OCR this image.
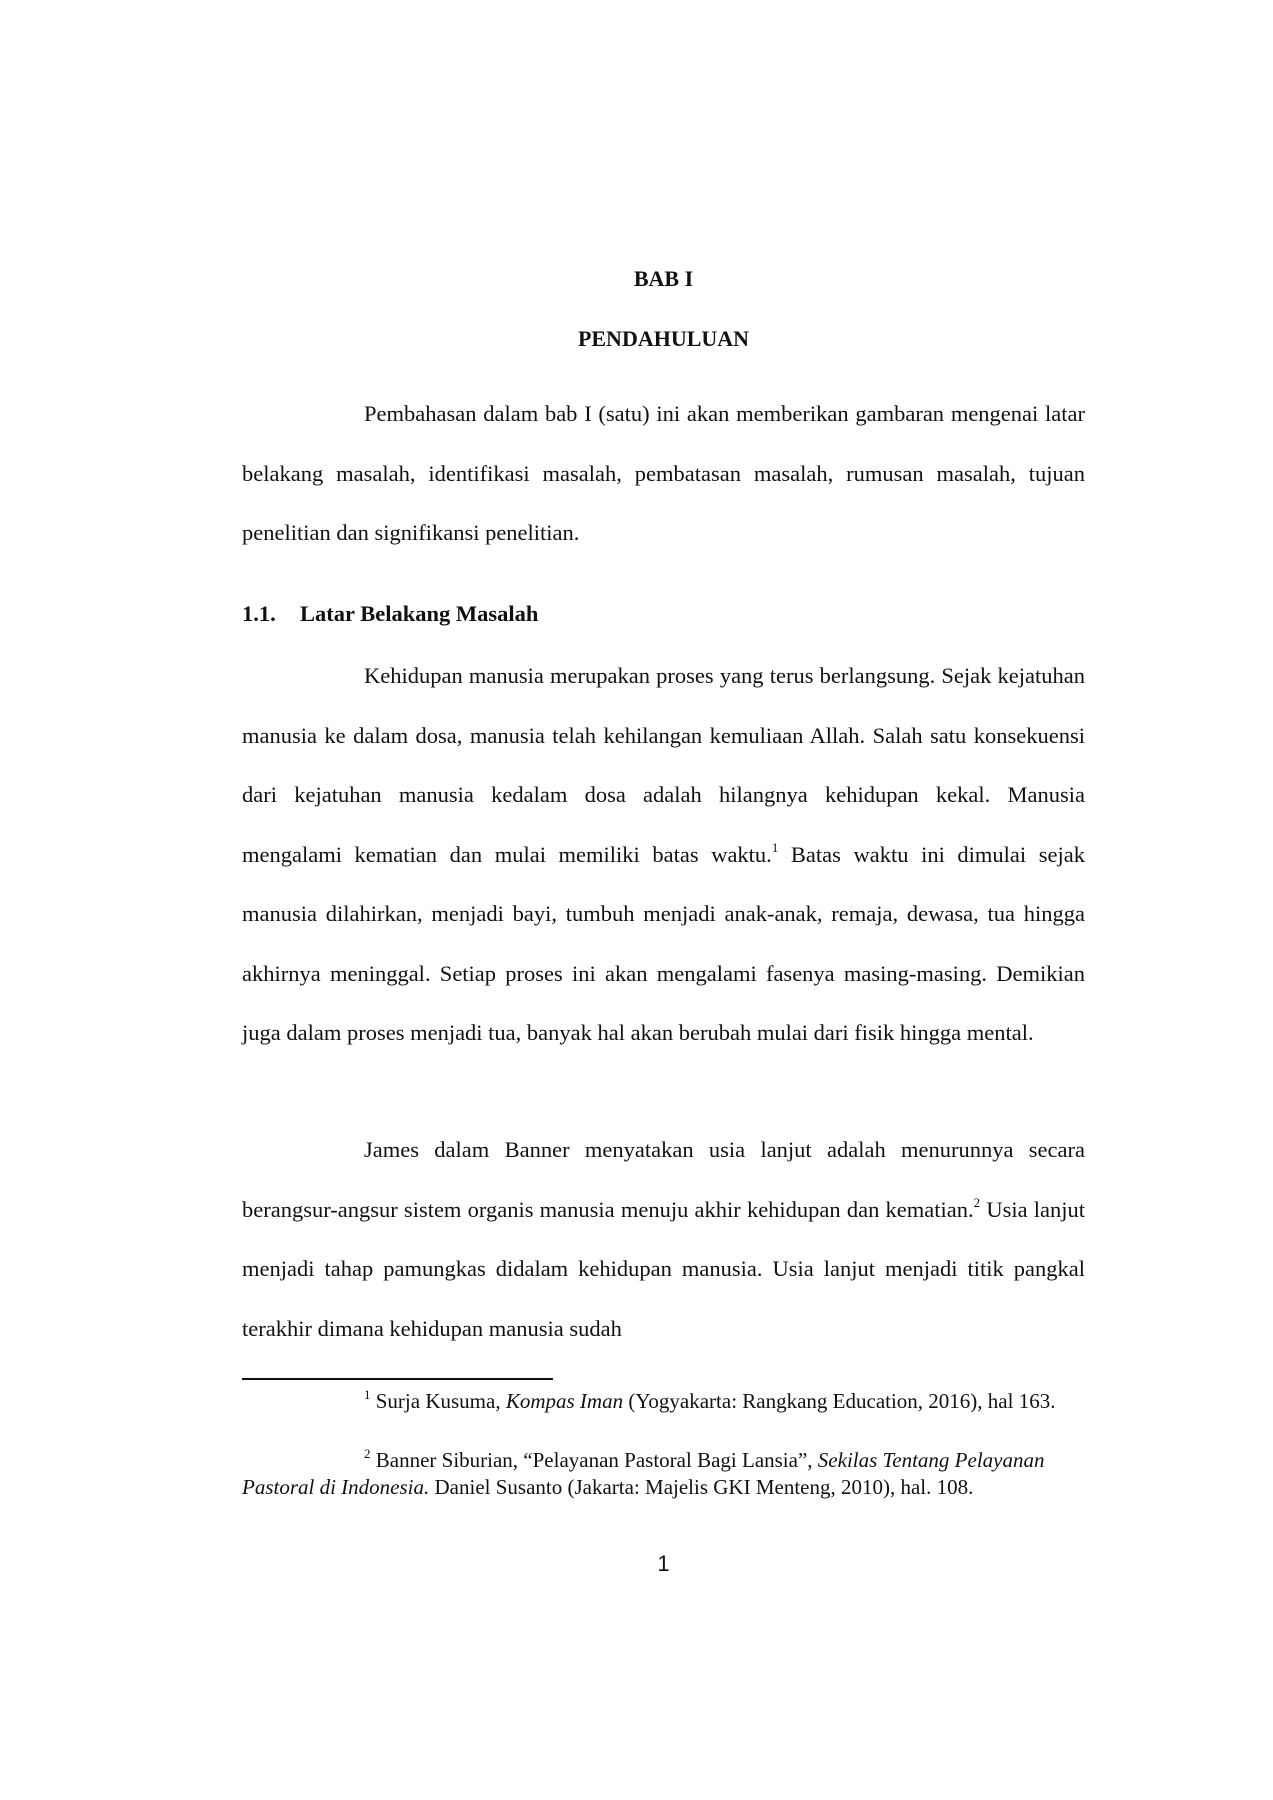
BAB I
PENDAHULUAN
Pembahasan dalam bab I (satu) ini akan memberikan gambaran mengenai latar belakang masalah, identifikasi masalah, pembatasan masalah, rumusan masalah, tujuan penelitian dan signifikansi penelitian.
1.1. Latar Belakang Masalah
Kehidupan manusia merupakan proses yang terus berlangsung. Sejak kejatuhan manusia ke dalam dosa, manusia telah kehilangan kemuliaan Allah. Salah satu konsekuensi dari kejatuhan manusia kedalam dosa adalah hilangnya kehidupan kekal. Manusia mengalami kematian dan mulai memiliki batas waktu.$^1$ Batas waktu ini dimulai sejak manusia dilahirkan, menjadi bayi, tumbuh menjadi anak-anak, remaja, dewasa, tua hingga akhirnya meninggal. Setiap proses ini akan mengalami fasenya masing-masing. Demikian juga dalam proses menjadi tua, banyak hal akan berubah mulai dari fisik hingga mental.
James dalam Banner menyatakan usia lanjut adalah menurunnya secara berangsur-angsur sistem organis manusia menuju akhir kehidupan dan kematian.$^2$ Usia lanjut menjadi tahap pamungkas didalam kehidupan manusia. Usia lanjut menjadi titik pangkal terakhir dimana kehidupan manusia sudah
$^1$ Surja Kusuma, Kompas Iman (Yogyakarta: Rangkang Education, 2016), hal 163.
$^2$ Banner Siburian, “Pelayanan Pastoral Bagi Lansia”, Sekilas Tentang Pelayanan Pastoral di Indonesia. Daniel Susanto (Jakarta: Majelis GKI Menteng, 2010), hal. 108.
1
